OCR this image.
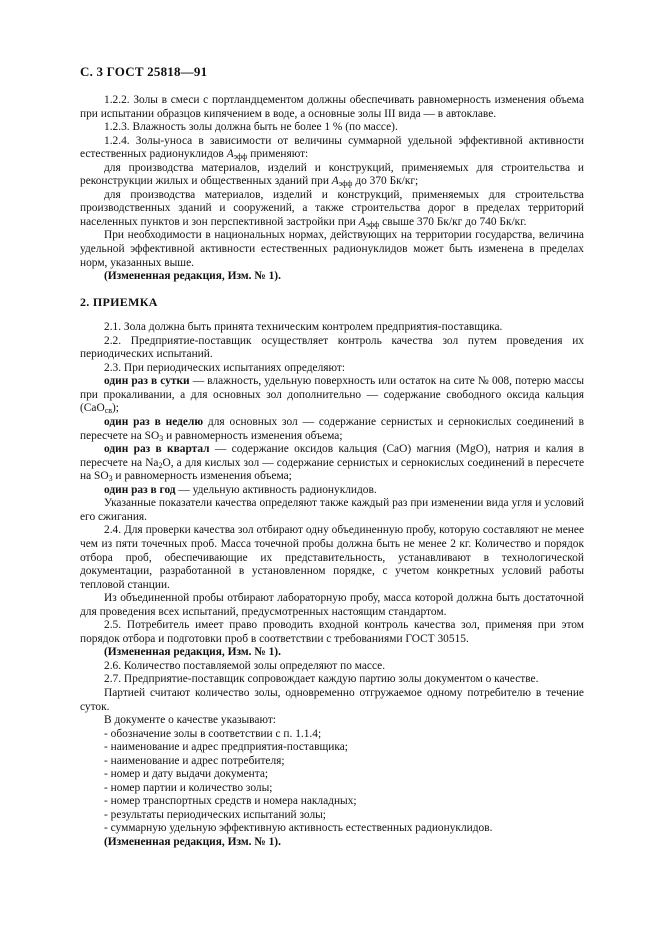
С. 3 ГОСТ 25818—91

1.2.2. Золы в смеси с портландцементом должны обеспечивать равномерность изменения объема при испытании образцов кипячением в воде, а основные золы III вида — в автоклаве.

1.2.3. Влажность золы должна быть не более 1 % (по массе).

1.2.4. Золы-уноса в зависимости от величины суммарной удельной эффективной активности естественных радионуклидов $A_{эфф}$ применяют:

для производства материалов, изделий и конструкций, применяемых для строительства и реконструкции жилых и общественных зданий при $A_{эфф}$ до 370 Бк/кг;

для производства материалов, изделий и конструкций, применяемых для строительства производственных зданий и сооружений, а также строительства дорог в пределах территорий населенных пунктов и зон перспективной застройки при $A_{эфф}$ свыше 370 Бк/кг до 740 Бк/кг.

При необходимости в национальных нормах, действующих на территории государства, величина удельной эффективной активности естественных радионуклидов может быть изменена в пределах норм, указанных выше.

(Измененная редакция, Изм. № 1).

2. ПРИЕМКА

2.1. Зола должна быть принята техническим контролем предприятия-поставщика.

2.2. Предприятие-поставщик осуществляет контроль качества зол путем проведения их периодических испытаний.

2.3. При периодических испытаниях определяют:

один раз в сутки — влажность, удельную поверхность или остаток на сите № 008, потерю массы при прокаливании, а для основных зол дополнительно — содержание свободного оксида кальция (CaO$_{св}$);

один раз в неделю для основных зол — содержание сернистых и сернокислых соединений в пересчете на $SO_3$ и равномерность изменения объема;

один раз в квартал — содержание оксидов кальция (CaO) магния (MgO), натрия и калия в пересчете на $Na_2O$, а для кислых зол — содержание сернистых и сернокислых соединений в пересчете на $SO_3$ и равномерность изменения объема;

один раз в год — удельную активность радионуклидов.

Указанные показатели качества определяют также каждый раз при изменении вида угля и условий его сжигания.

2.4. Для проверки качества зол отбирают одну объединенную пробу, которую составляют не менее чем из пяти точечных проб. Масса точечной пробы должна быть не менее 2 кг. Количество и порядок отбора проб, обеспечивающие их представительность, устанавливают в технологической документации, разработанной в установленном порядке, с учетом конкретных условий работы тепловой станции.

Из объединенной пробы отбирают лабораторную пробу, масса которой должна быть достаточной для проведения всех испытаний, предусмотренных настоящим стандартом.

2.5. Потребитель имеет право проводить входной контроль качества зол, применяя при этом порядок отбора и подготовки проб в соответствии с требованиями ГОСТ 30515.

(Измененная редакция, Изм. № 1).

2.6. Количество поставляемой золы определяют по массе.

2.7. Предприятие-поставщик сопровождает каждую партию золы документом о качестве.

Партией считают количество золы, одновременно отгружаемое одному потребителю в течение суток.

В документе о качестве указывают:

- обозначение золы в соответствии с п. 1.1.4;

- наименование и адрес предприятия-поставщика;

- наименование и адрес потребителя;

- номер и дату выдачи документа;

- номер партии и количество золы;

- номер транспортных средств и номера накладных;

- результаты периодических испытаний золы;

- суммарную удельную эффективную активность естественных радионуклидов.

(Измененная редакция, Изм. № 1).
